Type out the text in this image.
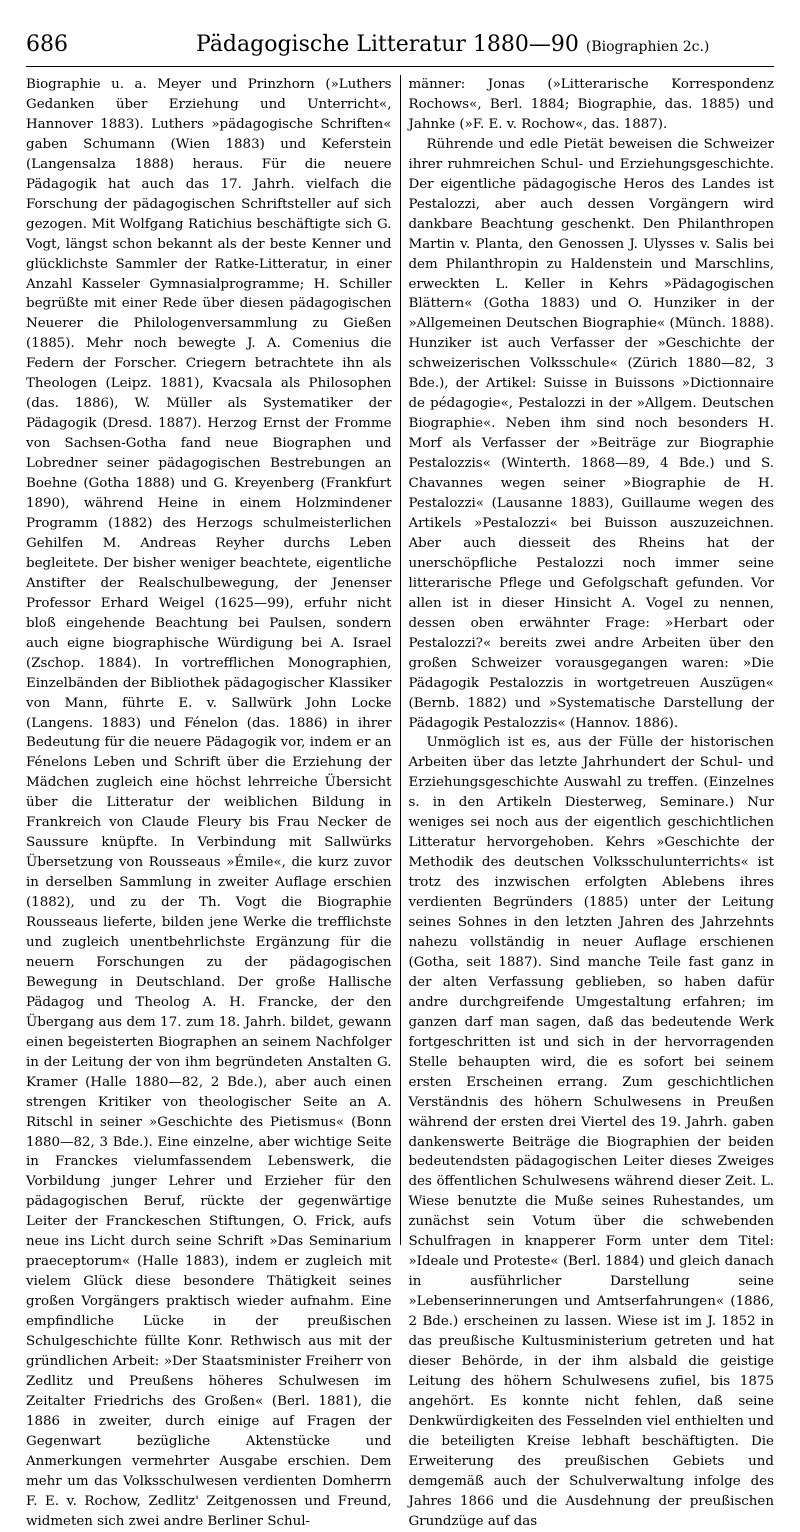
686	Pädagogische Litteratur 1880—90 (Biographien 2c.)

Biographie u. a. Meyer und Prinzhorn (»Luthers Gedanken über Erziehung und Unterricht«, Hannover 1883). Luthers »pädagogische Schriften« gaben Schumann (Wien 1883) und Keferstein (Langensalza 1888) heraus. Für die neuere Pädagogik hat auch das 17. Jahrh. vielfach die Forschung der pädagogischen Schriftsteller auf sich gezogen. Mit Wolfgang Ratichius beschäftigte sich G. Vogt, längst schon bekannt als der beste Kenner und glücklichste Sammler der Ratke-Litteratur, in einer Anzahl Kasseler Gymnasialprogramme; H. Schiller begrüßte mit einer Rede über diesen pädagogischen Neuerer die Philologenversammlung zu Gießen (1885). Mehr noch bewegte J. A. Comenius die Federn der Forscher. Criegern betrachtete ihn als Theologen (Leipz. 1881), Kvacsala als Philosophen (das. 1886), W. Müller als Systematiker der Pädagogik (Dresd. 1887). Herzog Ernst der Fromme von Sachsen-Gotha fand neue Biographen und Lobredner seiner pädagogischen Bestrebungen an Boehne (Gotha 1888) und G. Kreyenberg (Frankfurt 1890), während Heine in einem Holzmindener Programm (1882) des Herzogs schulmeisterlichen Gehilfen M. Andreas Reyher durchs Leben begleitete. Der bisher weniger beachtete, eigentliche Anstifter der Realschulbewegung, der Jenenser Professor Erhard Weigel (1625—99), erfuhr nicht bloß eingehende Beachtung bei Paulsen, sondern auch eigne biographische Würdigung bei A. Israel (Zschop. 1884). In vortrefflichen Monographien, Einzelbänden der Bibliothek pädagogischer Klassiker von Mann, führte E. v. Sallwürk John Locke (Langens. 1883) und Fénelon (das. 1886) in ihrer Bedeutung für die neuere Pädagogik vor, indem er an Fénelons Leben und Schrift über die Erziehung der Mädchen zugleich eine höchst lehrreiche Übersicht über die Litteratur der weiblichen Bildung in Frankreich von Claude Fleury bis Frau Necker de Saussure knüpfte. In Verbindung mit Sallwürks Übersetzung von Rousseaus »Émile«, die kurz zuvor in derselben Sammlung in zweiter Auflage erschien (1882), und zu der Th. Vogt die Biographie Rousseaus lieferte, bilden jene Werke die trefflichste und zugleich unentbehrlichste Ergänzung für die neuern Forschungen zu der pädagogischen Bewegung in Deutschland. Der große Hallische Pädagog und Theolog A. H. Francke, der den Übergang aus dem 17. zum 18. Jahrh. bildet, gewann einen begeisterten Biographen an seinem Nachfolger in der Leitung der von ihm begründeten Anstalten G. Kramer (Halle 1880—82, 2 Bde.), aber auch einen strengen Kritiker von theologischer Seite an A. Ritschl in seiner »Geschichte des Pietismus« (Bonn 1880—82, 3 Bde.). Eine einzelne, aber wichtige Seite in Franckes vielumfassendem Lebenswerk, die Vorbildung junger Lehrer und Erzieher für den pädagogischen Beruf, rückte der gegenwärtige Leiter der Franckeschen Stiftungen, O. Frick, aufs neue ins Licht durch seine Schrift »Das Seminarium praeceptorum« (Halle 1883), indem er zugleich mit vielem Glück diese besondere Thätigkeit seines großen Vorgängers praktisch wieder aufnahm. Eine empfindliche Lücke in der preußischen Schulgeschichte füllte Konr. Rethwisch aus mit der gründlichen Arbeit: »Der Staatsminister Freiherr von Zedlitz und Preußens höheres Schulwesen im Zeitalter Friedrichs des Großen« (Berl. 1881), die 1886 in zweiter, durch einige auf Fragen der Gegenwart bezügliche Aktenstücke und Anmerkungen vermehrter Ausgabe erschien. Dem mehr um das Volksschulwesen verdienten Domherrn F. E. v. Rochow, Zedlitz' Zeitgenossen und Freund, widmeten sich zwei andre Berliner Schul-

männer: Jonas (»Litterarische Korrespondenz Rochows«, Berl. 1884; Biographie, das. 1885) und Jahnke (»F. E. v. Rochow«, das. 1887).

Rührende und edle Pietät beweisen die Schweizer ihrer ruhmreichen Schul- und Erziehungsgeschichte. Der eigentliche pädagogische Heros des Landes ist Pestalozzi, aber auch dessen Vorgängern wird dankbare Beachtung geschenkt. Den Philanthropen Martin v. Planta, den Genossen J. Ulysses v. Salis bei dem Philanthropin zu Haldenstein und Marschlins, erweckten L. Keller in Kehrs »Pädagogischen Blättern« (Gotha 1883) und O. Hunziker in der »Allgemeinen Deutschen Biographie« (Münch. 1888). Hunziker ist auch Verfasser der »Geschichte der schweizerischen Volksschule« (Zürich 1880—82, 3 Bde.), der Artikel: Suisse in Buissons »Dictionnaire de pédagogie«, Pestalozzi in der »Allgem. Deutschen Biographie«. Neben ihm sind noch besonders H. Morf als Verfasser der »Beiträge zur Biographie Pestalozzis« (Winterth. 1868—89, 4 Bde.) und S. Chavannes wegen seiner »Biographie de H. Pestalozzi« (Lausanne 1883), Guillaume wegen des Artikels »Pestalozzi« bei Buisson auszuzeichnen. Aber auch diesseit des Rheins hat der unerschöpfliche Pestalozzi noch immer seine litterarische Pflege und Gefolgschaft gefunden. Vor allen ist in dieser Hinsicht A. Vogel zu nennen, dessen oben erwähnter Frage: »Herbart oder Pestalozzi?« bereits zwei andre Arbeiten über den großen Schweizer vorausgegangen waren: »Die Pädagogik Pestalozzis in wortgetreuen Auszügen« (Bernb. 1882) und »Systematische Darstellung der Pädagogik Pestalozzis« (Hannov. 1886).

Unmöglich ist es, aus der Fülle der historischen Arbeiten über das letzte Jahrhundert der Schul- und Erziehungsgeschichte Auswahl zu treffen. (Einzelnes s. in den Artikeln Diesterweg, Seminare.) Nur weniges sei noch aus der eigentlich geschichtlichen Litteratur hervorgehoben. Kehrs »Geschichte der Methodik des deutschen Volksschulunterrichts« ist trotz des inzwischen erfolgten Ablebens ihres verdienten Begründers (1885) unter der Leitung seines Sohnes in den letzten Jahren des Jahrzehnts nahezu vollständig in neuer Auflage erschienen (Gotha, seit 1887). Sind manche Teile fast ganz in der alten Verfassung geblieben, so haben dafür andre durchgreifende Umgestaltung erfahren; im ganzen darf man sagen, daß das bedeutende Werk fortgeschritten ist und sich in der hervorragenden Stelle behaupten wird, die es sofort bei seinem ersten Erscheinen errang. Zum geschichtlichen Verständnis des höhern Schulwesens in Preußen während der ersten drei Viertel des 19. Jahrh. gaben dankenswerte Beiträge die Biographien der beiden bedeutendsten pädagogischen Leiter dieses Zweiges des öffentlichen Schulwesens während dieser Zeit. L. Wiese benutzte die Muße seines Ruhestandes, um zunächst sein Votum über die schwebenden Schulfragen in knapperer Form unter dem Titel: »Ideale und Proteste« (Berl. 1884) und gleich danach in ausführlicher Darstellung seine »Lebenserinnerungen und Amtserfahrungen« (1886, 2 Bde.) erscheinen zu lassen. Wiese ist im J. 1852 in das preußische Kultusministerium getreten und hat dieser Behörde, in der ihm alsbald die geistige Leitung des höhern Schulwesens zufiel, bis 1875 angehört. Es konnte nicht fehlen, daß seine Denkwürdigkeiten des Fesselnden viel enthielten und die beteiligten Kreise lebhaft beschäftigten. Die Erweiterung des preußischen Gebiets und demgemäß auch der Schulverwaltung infolge des Jahres 1866 und die Ausdehnung der preußischen Grundzüge auf das
